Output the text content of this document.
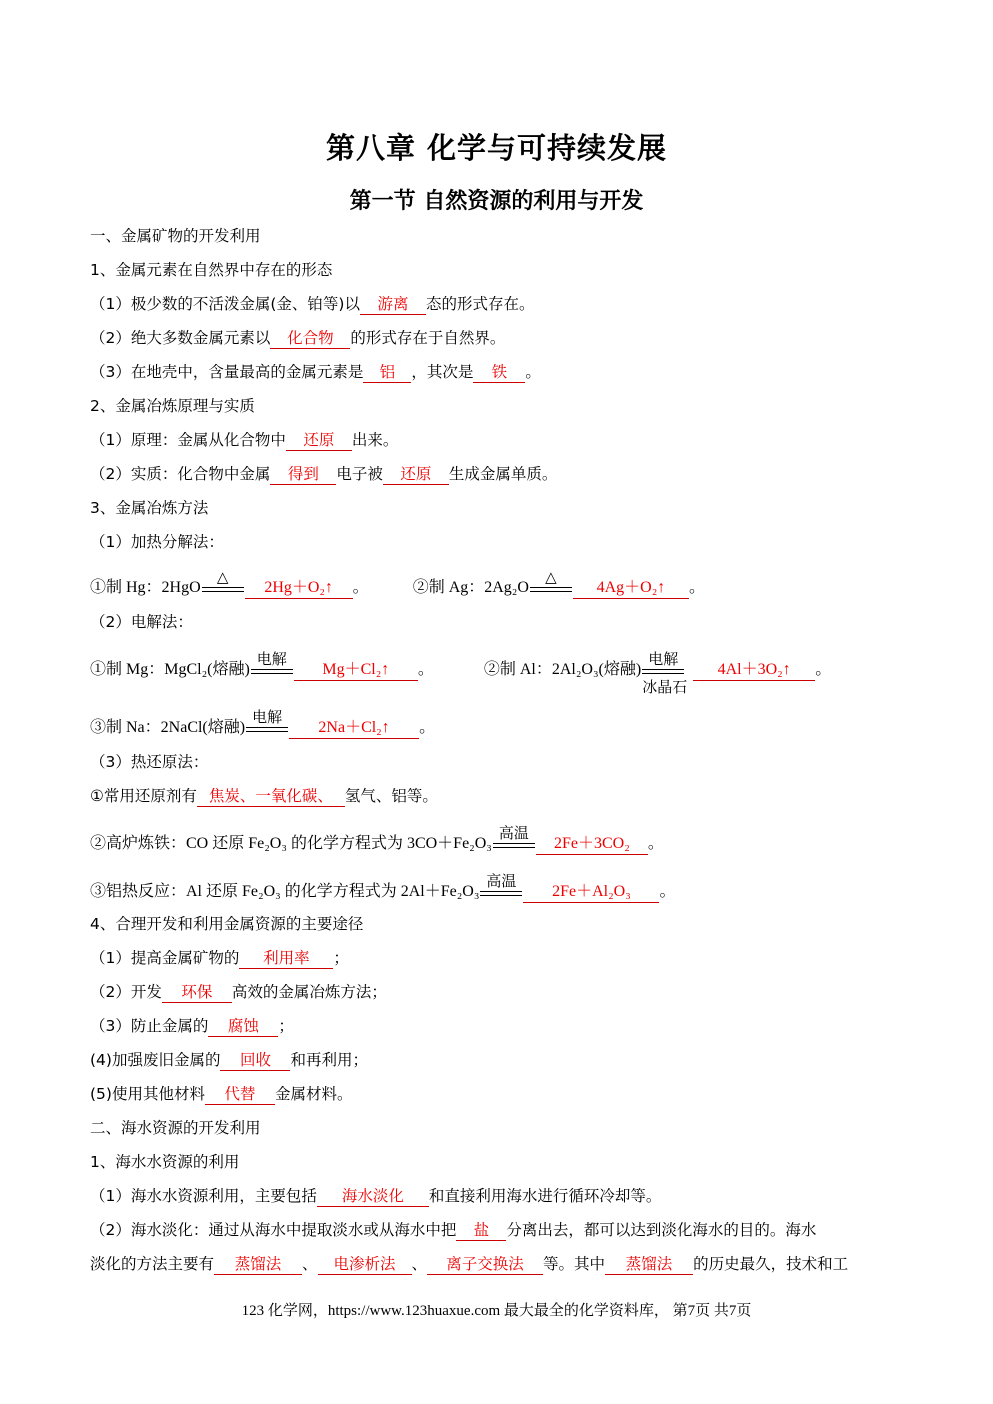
第八章 化学与可持续发展
第一节 自然资源的利用与开发
一、金属矿物的开发利用
1、金属元素在自然界中存在的形态
（1）极少数的不活泼金属(金、铂等)以 游离 态的形式存在。
（2）绝大多数金属元素以 化合物 的形式存在于自然界。
（3）在地壳中，含量最高的金属元素是 铝 ，其次是 铁 。
2、金属冶炼原理与实质
（1）原理：金属从化合物中 还原 出来。
（2）实质：化合物中金属 得到 电子被 还原 生成金属单质。
3、金属冶炼方法
（1）加热分解法：
①制 Hg：2HgO
△
2Hg＋O₂↑ 。	②制 Ag：2Ag₂O
△
4Ag＋O₂↑ 。
（2）电解法：
①制 Mg：MgCl₂(熔融)
电解
Mg＋Cl₂↑ 。	②制 Al：2Al₂O₃(熔融)
电解
冰晶石
4Al＋3O₂↑ 。
③制 Na：2NaCl(熔融)
电解
2Na＋Cl₂↑ 。
（3）热还原法：
①常用还原剂有 焦炭、一氧化碳、 氢气、铝等。
②高炉炼铁：CO 还原 Fe₂O₃ 的化学方程式为 3CO＋Fe₂O₃
高温
2Fe＋3CO₂ 。
③铝热反应：Al 还原 Fe₂O₃ 的化学方程式为 2Al＋Fe₂O₃
高温
2Fe＋Al₂O₃ 。
4、合理开发和利用金属资源的主要途径
（1）提高金属矿物的 利用率 ；
（2）开发 环保 高效的金属冶炼方法；
（3）防止金属的 腐蚀 ；
(4)加强废旧金属的 回收 和再利用；
(5)使用其他材料 代替 金属材料。
二、海水资源的开发利用
1、海水水资源的利用
（1）海水水资源利用，主要包括 海水淡化 和直接利用海水进行循环冷却等。
（2）海水淡化：通过从海水中提取淡水或从海水中把 盐 分离出去，都可以达到淡化海水的目的。海水
淡化的方法主要有 蒸馏法 、 电渗析法 、 离子交换法 等。其中 蒸馏法 的历史最久，技术和工
123 化学网，https://www.123huaxue.com 最大最全的化学资料库， 第7页 共7页
